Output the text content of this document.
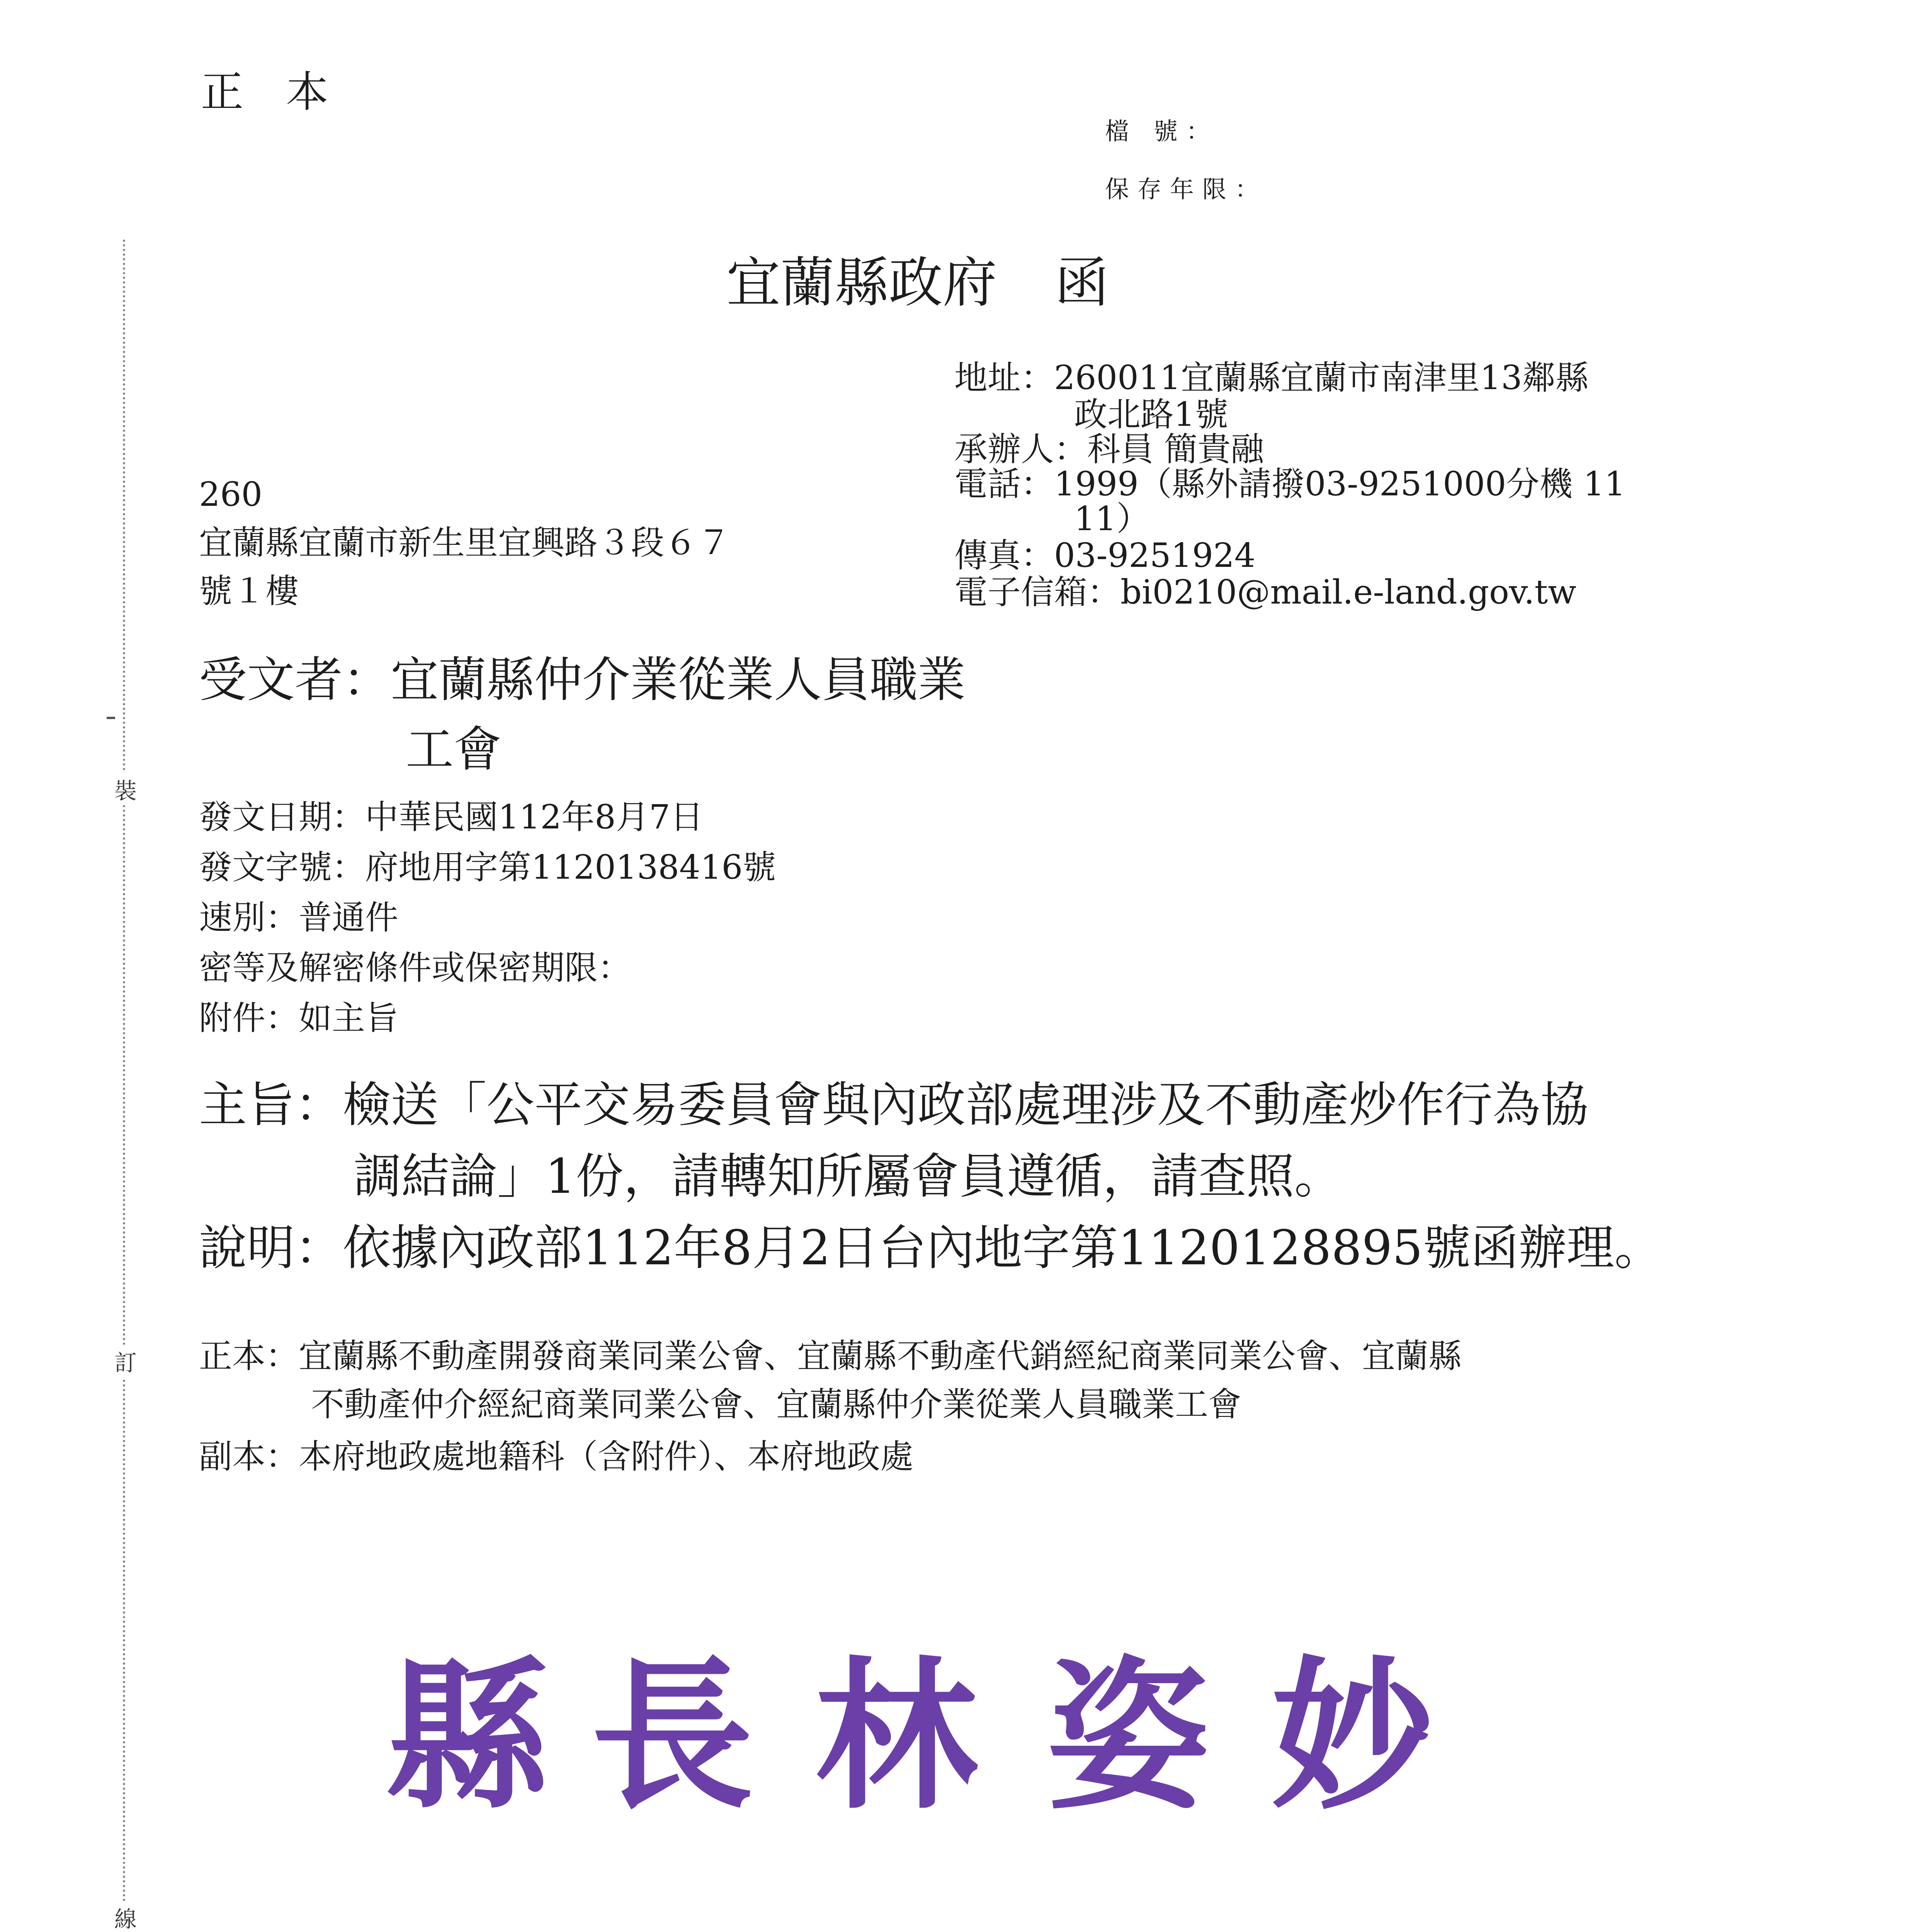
裝
訂
線
正本
檔 號：
保存年限：
宜蘭縣政府 函
地址：260011宜蘭縣宜蘭市南津里13鄰縣
政北路1號
承辦人：科員 簡貴融
電話：1999（縣外請撥03-9251000分機 11
11）
傳真：03-9251924
電子信箱：bi0210@mail.e-land.gov.tw
260
宜蘭縣宜蘭市新生里宜興路３段６７
號１樓
受文者：宜蘭縣仲介業從業人員職業
工會
發文日期：中華民國112年8月7日
發文字號：府地用字第1120138416號
速別：普通件
密等及解密條件或保密期限：
附件：如主旨
主旨：檢送「公平交易委員會與內政部處理涉及不動產炒作行為協
調結論」1份，請轉知所屬會員遵循，請查照。
說明：依據內政部112年8月2日台內地字第1120128895號函辦理。
正本：宜蘭縣不動產開發商業同業公會、宜蘭縣不動產代銷經紀商業同業公會、宜蘭縣
不動產仲介經紀商業同業公會、宜蘭縣仲介業從業人員職業工會
副本：本府地政處地籍科（含附件）、本府地政處
縣 長 林 姿 妙
